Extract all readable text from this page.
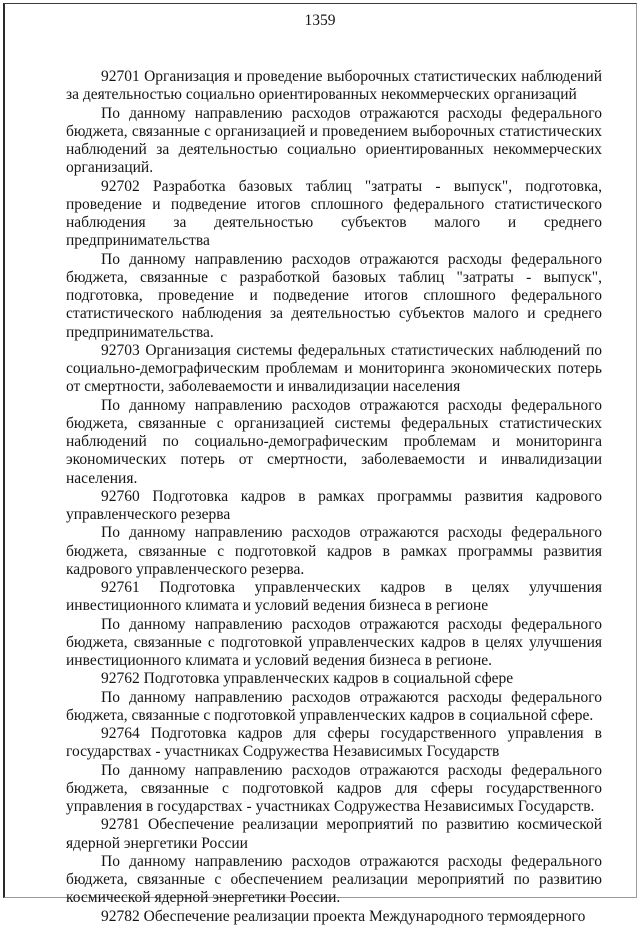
1359

92701 Организация и проведение выборочных статистических наблюдений за деятельностью социально ориентированных некоммерческих организаций

По данному направлению расходов отражаются расходы федерального бюджета, связанные с организацией и проведением выборочных статистических наблюдений за деятельностью социально ориентированных некоммерческих организаций.

92702 Разработка базовых таблиц "затраты - выпуск", подготовка, проведение и подведение итогов сплошного федерального статистического наблюдения за деятельностью субъектов малого и среднего предпринимательства

По данному направлению расходов отражаются расходы федерального бюджета, связанные с разработкой базовых таблиц "затраты - выпуск", подготовка, проведение и подведение итогов сплошного федерального статистического наблюдения за деятельностью субъектов малого и среднего предпринимательства.

92703 Организация системы федеральных статистических наблюдений по социально-демографическим проблемам и мониторинга экономических потерь от смертности, заболеваемости и инвалидизации населения

По данному направлению расходов отражаются расходы федерального бюджета, связанные с организацией системы федеральных статистических наблюдений по социально-демографическим проблемам и мониторинга экономических потерь от смертности, заболеваемости и инвалидизации населения.

92760 Подготовка кадров в рамках программы развития кадрового управленческого резерва

По данному направлению расходов отражаются расходы федерального бюджета, связанные с подготовкой кадров в рамках программы развития кадрового управленческого резерва.

92761 Подготовка управленческих кадров в целях улучшения инвестиционного климата и условий ведения бизнеса в регионе

По данному направлению расходов отражаются расходы федерального бюджета, связанные с подготовкой управленческих кадров в целях улучшения инвестиционного климата и условий ведения бизнеса в регионе.

92762 Подготовка управленческих кадров в социальной сфере

По данному направлению расходов отражаются расходы федерального бюджета, связанные с подготовкой управленческих кадров в социальной сфере.

92764 Подготовка кадров для сферы государственного управления в государствах - участниках Содружества Независимых Государств

По данному направлению расходов отражаются расходы федерального бюджета, связанные с подготовкой кадров для сферы государственного управления в государствах - участниках Содружества Независимых Государств.

92781 Обеспечение реализации мероприятий по развитию космической ядерной энергетики России

По данному направлению расходов отражаются расходы федерального бюджета, связанные с обеспечением реализации мероприятий по развитию космической ядерной энергетики России.

92782 Обеспечение реализации проекта Международного термоядерного
